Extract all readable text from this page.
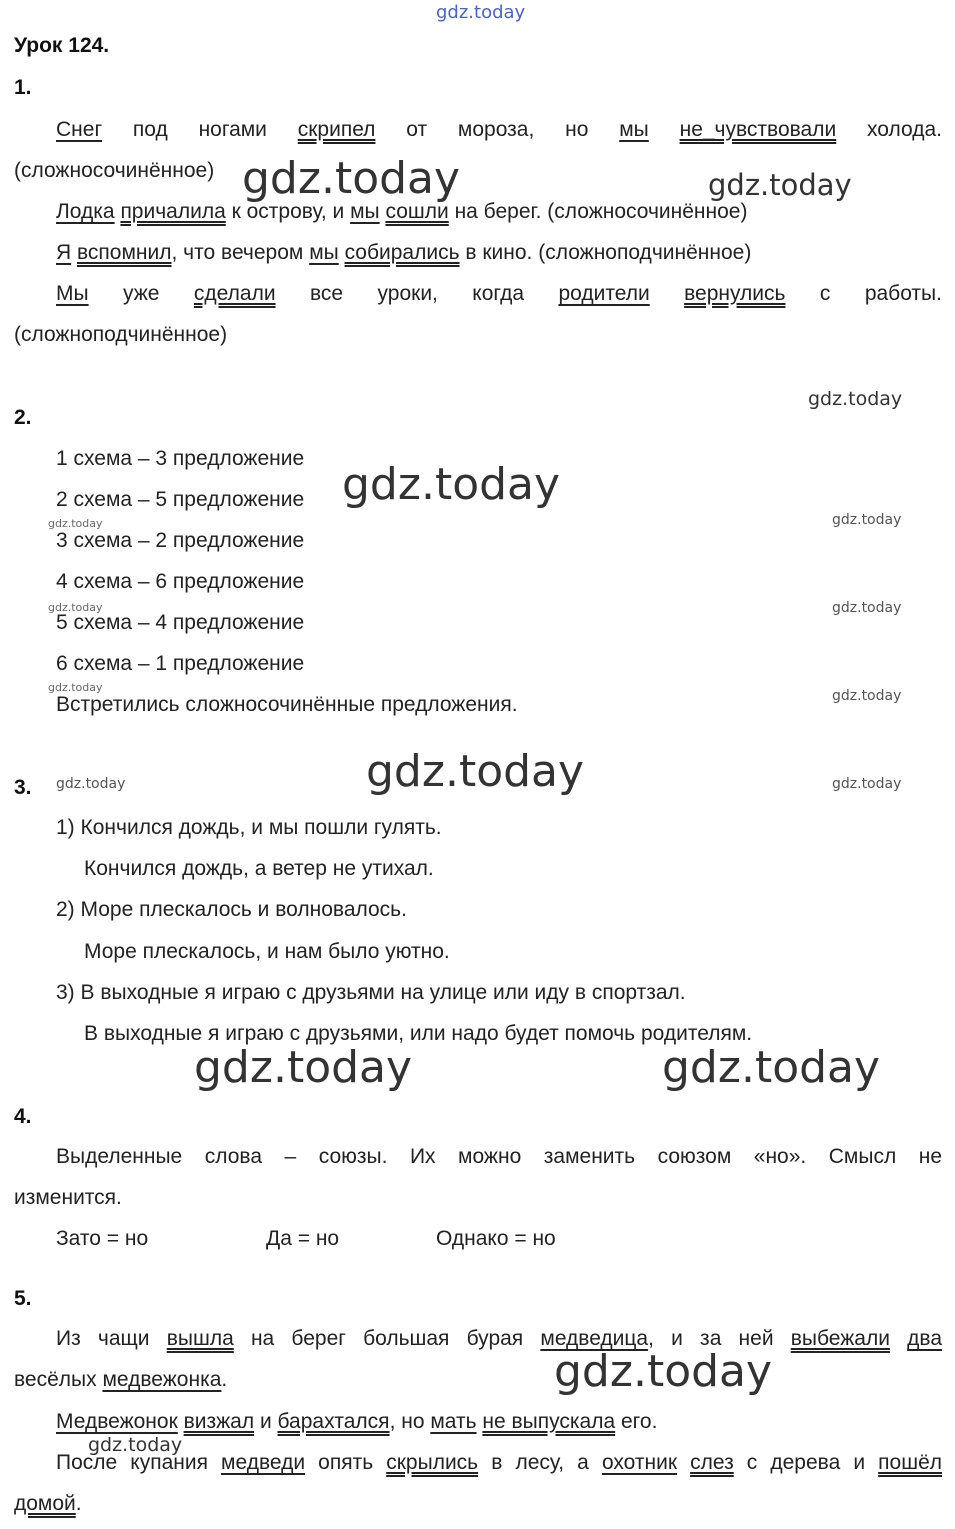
gdz.today
Урок 124.
1.
Снег под ногами скрипел от мороза, но мы не_чувствовали холода.
(сложносочинённое)
Лодка причалила к острову, и мы сошли на берег. (сложносочинённое)
Я вспомнил, что вечером мы собирались в кино. (сложноподчинённое)
Мы уже сделали все уроки, когда родители вернулись с работы.
(сложноподчинённое)
2.
1 схема – 3 предложение
2 схема – 5 предложение
3 схема – 2 предложение
4 схема – 6 предложение
5 схема – 4 предложение
6 схема – 1 предложение
Встретились сложносочинённые предложения.
3.
1) Кончился дождь, и мы пошли гулять.
Кончился дождь, а ветер не утихал.
2) Море плескалось и волновалось.
Море плескалось, и нам было уютно.
3) В выходные я играю с друзьями на улице или иду в спортзал.
В выходные я играю с друзьями, или надо будет помочь родителям.
4.
Выделенные слова – союзы. Их можно заменить союзом «но». Смысл не
изменится.
Зато = но	Да = но	Однако = но
5.
Из чащи вышла на берег большая бурая медведица, и за ней выбежали два
весёлых медвежонка.
Медвежонок визжал и барахтался, но мать не выпускала его.
После купания медведи опять скрылись в лесу, а охотник слез с дерева и пошёл
домой.
gdz.today	gdz.today
gdz.today
gdz.today
gdz.today	gdz.today
gdz.today	gdz.today
gdz.today
gdz.today
gdz.today
gdz.today	gdz.today
gdz.today	gdz.today
gdz.today
gdz.today
